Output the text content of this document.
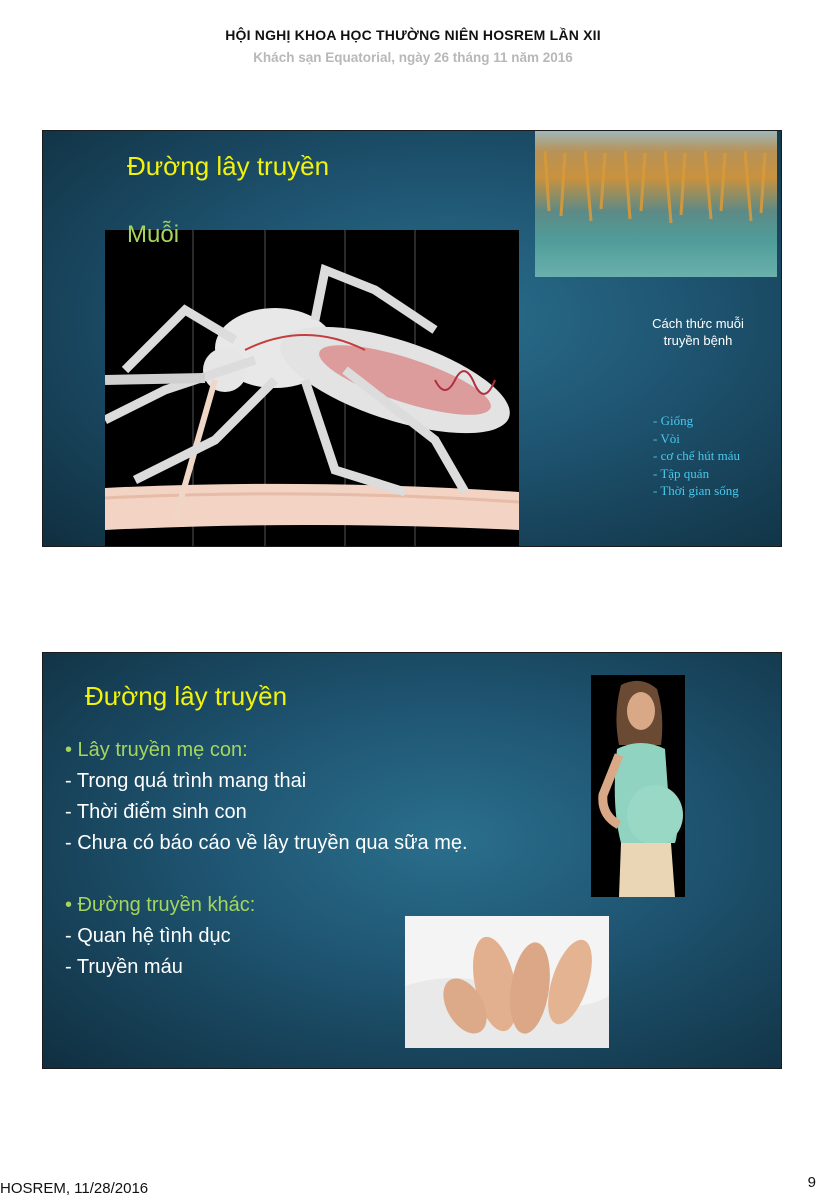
HỘI NGHỊ KHOA HỌC THƯỜNG NIÊN HOSREM LẦN XII
Khách sạn Equatorial, ngày 26 tháng 11 năm 2016
Đường lây truyền
Muỗi
Cách thức muỗi
truyền bệnh
- Giống
- Vòi
- cơ chế hút máu
- Tập quán
- Thời gian sống
Đường lây truyền
• Lây truyền mẹ con:
- Trong quá trình mang thai
- Thời điểm sinh con
- Chưa có báo cáo về lây truyền qua sữa mẹ.
• Đường truyền khác:
- Quan hệ tình dục
- Truyền máu
HOSREM, 11/28/2016	9
